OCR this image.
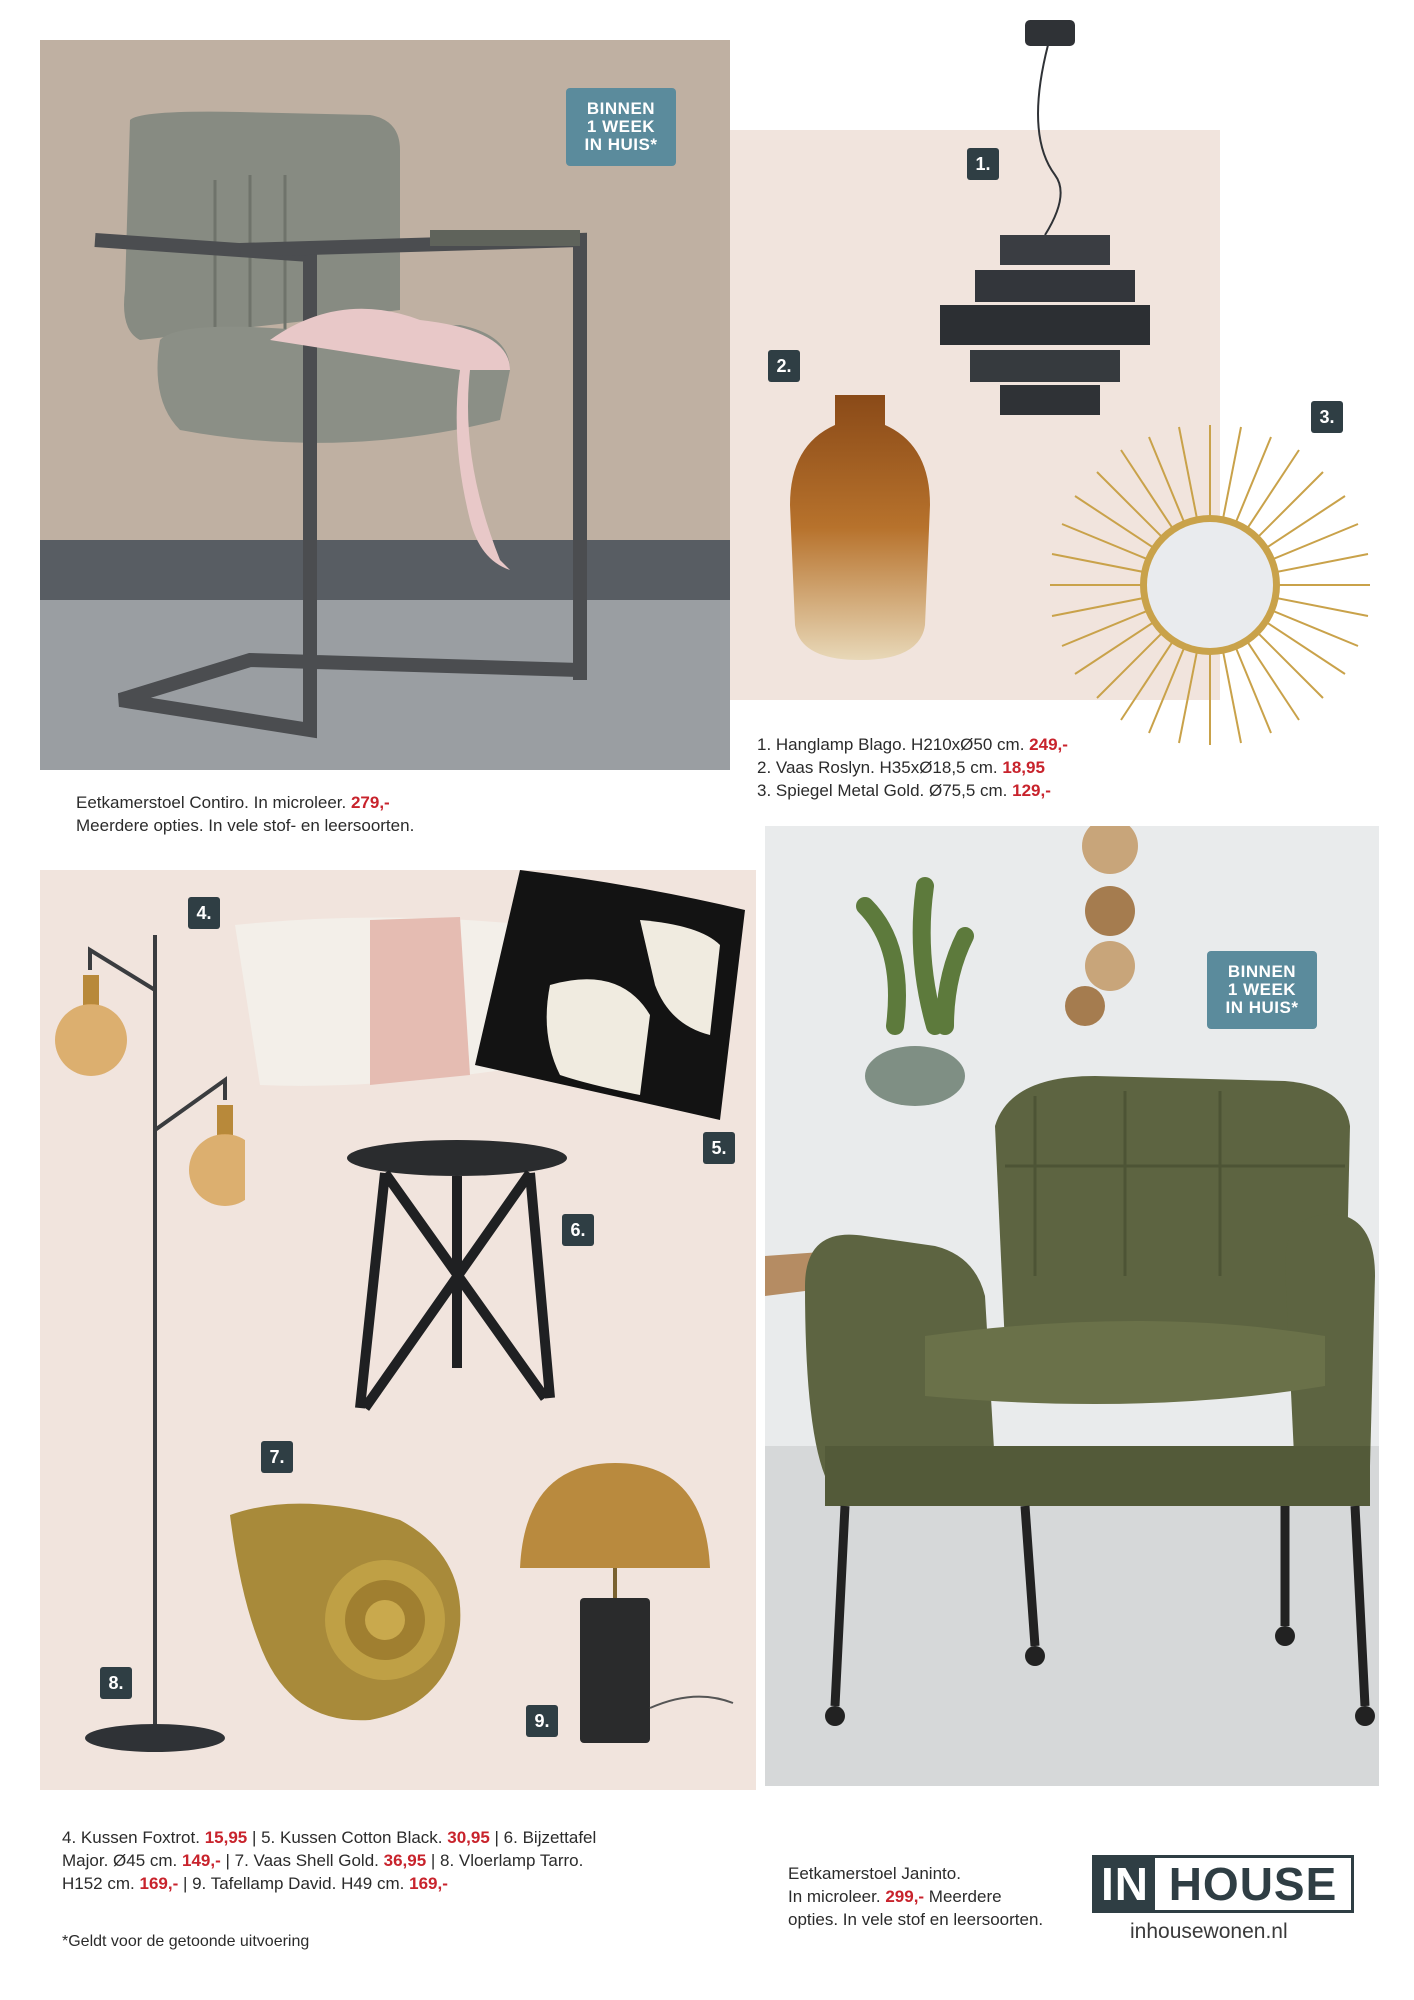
BINNEN
1 WEEK
IN HUIS*
Eetkamerstoel Contiro. In microleer. 279,-
Meerdere opties. In vele stof- en leersoorten.
1.
2.
3.
1. Hanglamp Blago. H210xØ50 cm. 249,-
2. Vaas Roslyn. H35xØ18,5 cm. 18,95
3. Spiegel Metal Gold. Ø75,5 cm. 129,-
4.
5.
6.
7.
8.
9.
4. Kussen Foxtrot. 15,95 | 5. Kussen Cotton Black. 30,95 | 6. Bijzettafel
Major. Ø45 cm. 149,- | 7. Vaas Shell Gold. 36,95 | 8. Vloerlamp Tarro.
H152 cm. 169,- | 9. Tafellamp David. H49 cm. 169,-
*Geldt voor de getoonde uitvoering
BINNEN
1 WEEK
IN HUIS*
Eetkamerstoel Janinto.
In microleer. 299,- Meerdere
opties. In vele stof en leersoorten.
IN HOUSE
inhousewonen.nl
